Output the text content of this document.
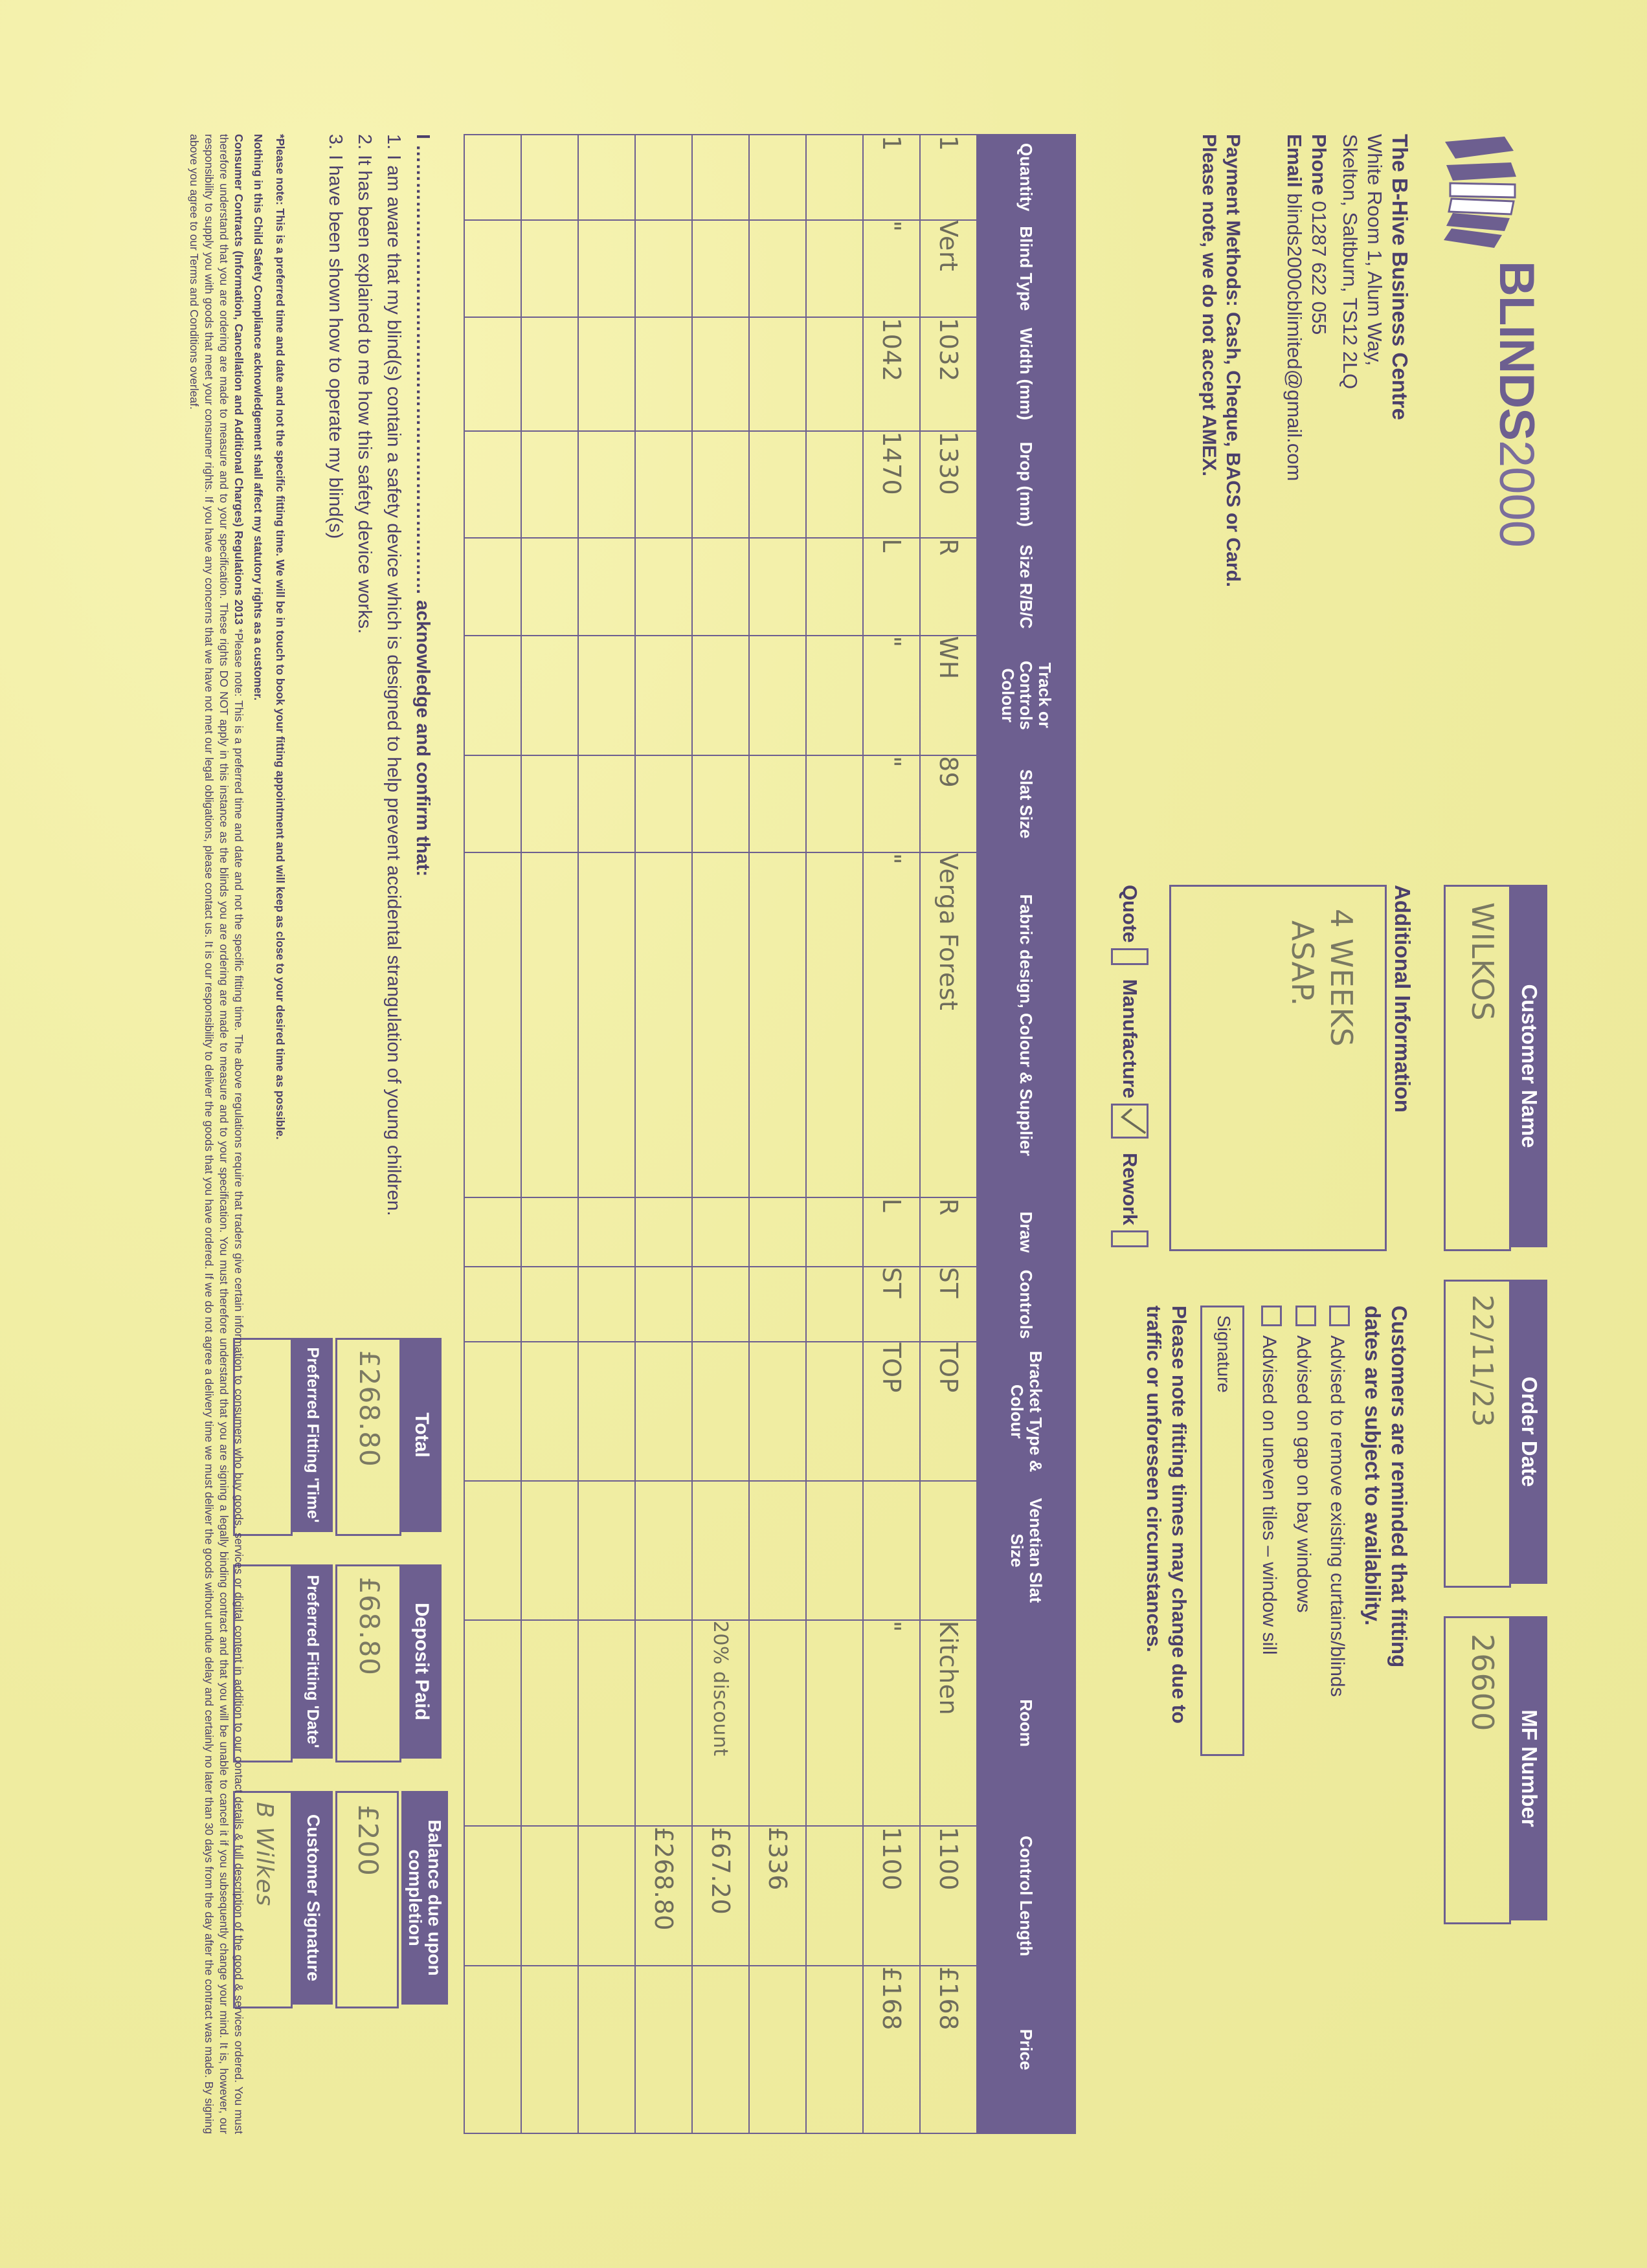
BLINDS2000
The B-Hive Business Centre
White Room 1, Alum Way,
Skelton, Saltburn, TS12 2LQ
Phone 01287 622 055
Email blinds2000cblimited@gmail.com
Payment Methods: Cash, Cheque, BACS or Card.
Please note, we do not accept AMEX.
Customer Name
WILKOS
Order Date
22/11/23
MF Number
26600
Additional Information
4 WEEKS
ASAP.
Quote
Manufacture
Rework
Customers are reminded that fitting
dates are subject to availability.
Advised to remove existing curtains/blinds
Advised on gap on bay windows
Advised on uneven tiles – window sill
Signature
Please note fitting times may change due to
traffic or unforeseen circumstances.
Quantity	Blind Type	Width (mm)	Drop (mm)	Size R/B/C	Track or Controls Colour	Slat Size	Fabric design, Colour & Supplier	Draw	Controls	Bracket Type & Colour	Venetian Slat Size	Room	Control Length	Price
1	Vert	1032	1330	R	WH	89	Verga Forest	R	ST	TOP		Kitchen	1100	£168
1	"	1042	1470	L	"	"	"	L	ST	TOP		"	1100	£168

													£336	
												20% discount	£67.20	
													£268.80	

Total
£268.80
Preferred Fitting 'Time'
Deposit Paid
£68.80
Preferred Fitting 'Date'
Balance due upon completion
£200
Customer Signature
B Wilkes
I ……………………………………………………………… acknowledge and confirm that:
1. I am aware that my blind(s) contain a safety device which is designed to help prevent accidental strangulation of young children.
2. It has been explained to me how this safety device works.
3. I have been shown how to operate my blind(s)
*Please note: This is a preferred time and date and not the specific fitting time. We will be in touch to book your fitting appointment and will keep as close to your desired time as possible.
Nothing in this Child Safety Compliance acknowledgement shall affect my statutory rights as a customer.
Consumer Contracts (Information, Cancellation and Additional Charges) Regulations 2013 *Please note: This is a preferred time and date and not the specific fitting time. The above regulations require that traders give certain information to consumers who buy goods, services or digital content in addition to our contact details & full description of the good & services ordered. You must therefore understand that you are ordering are made to measure and to your specification. These rights DO NOT apply in this instance as the blinds you are ordering are made to measure and to your specification. You must therefore understand that you are signing a legally binding contract and that you will be unable to cancel it if you subsequently change your mind. It is, however, our responsibility to supply you with goods that meet your consumer rights. If you have any concerns that we have not met our legal obligations, please contact us. It is our responsibility to deliver the goods that you have ordered. If we do not agree a delivery time we must deliver the goods without undue delay and certainly no later than 30 days from the day after the contract was made. By signing above you agree to our Terms and Conditions overleaf.
